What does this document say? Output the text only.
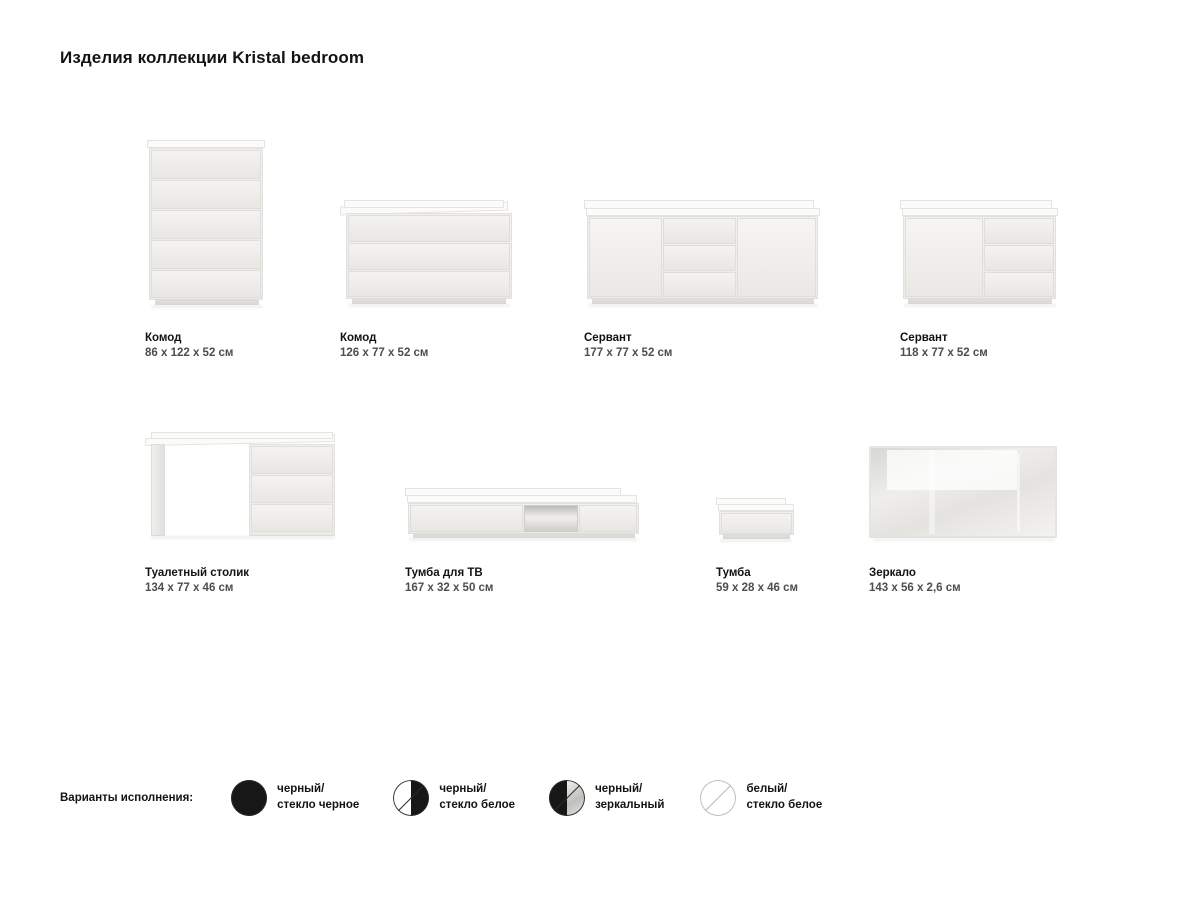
Изделия коллекции Kristal bedroom
Комод
86 x 122 x 52 см
Комод
126 x 77 x 52 см
Сервант
177 x 77 x 52 см
Сервант
118 x 77 x 52 см
Туалетный столик
134 x 77 x 46 см
Тумба для ТВ
167 x 32 x 50 см
Тумба
59 x 28 x 46 см
Зеркало
143 x 56 x 2,6 см
Варианты исполнения:
черный/
стекло черное
черный/
стекло белое
черный/
зеркальный
белый/
стекло белое
